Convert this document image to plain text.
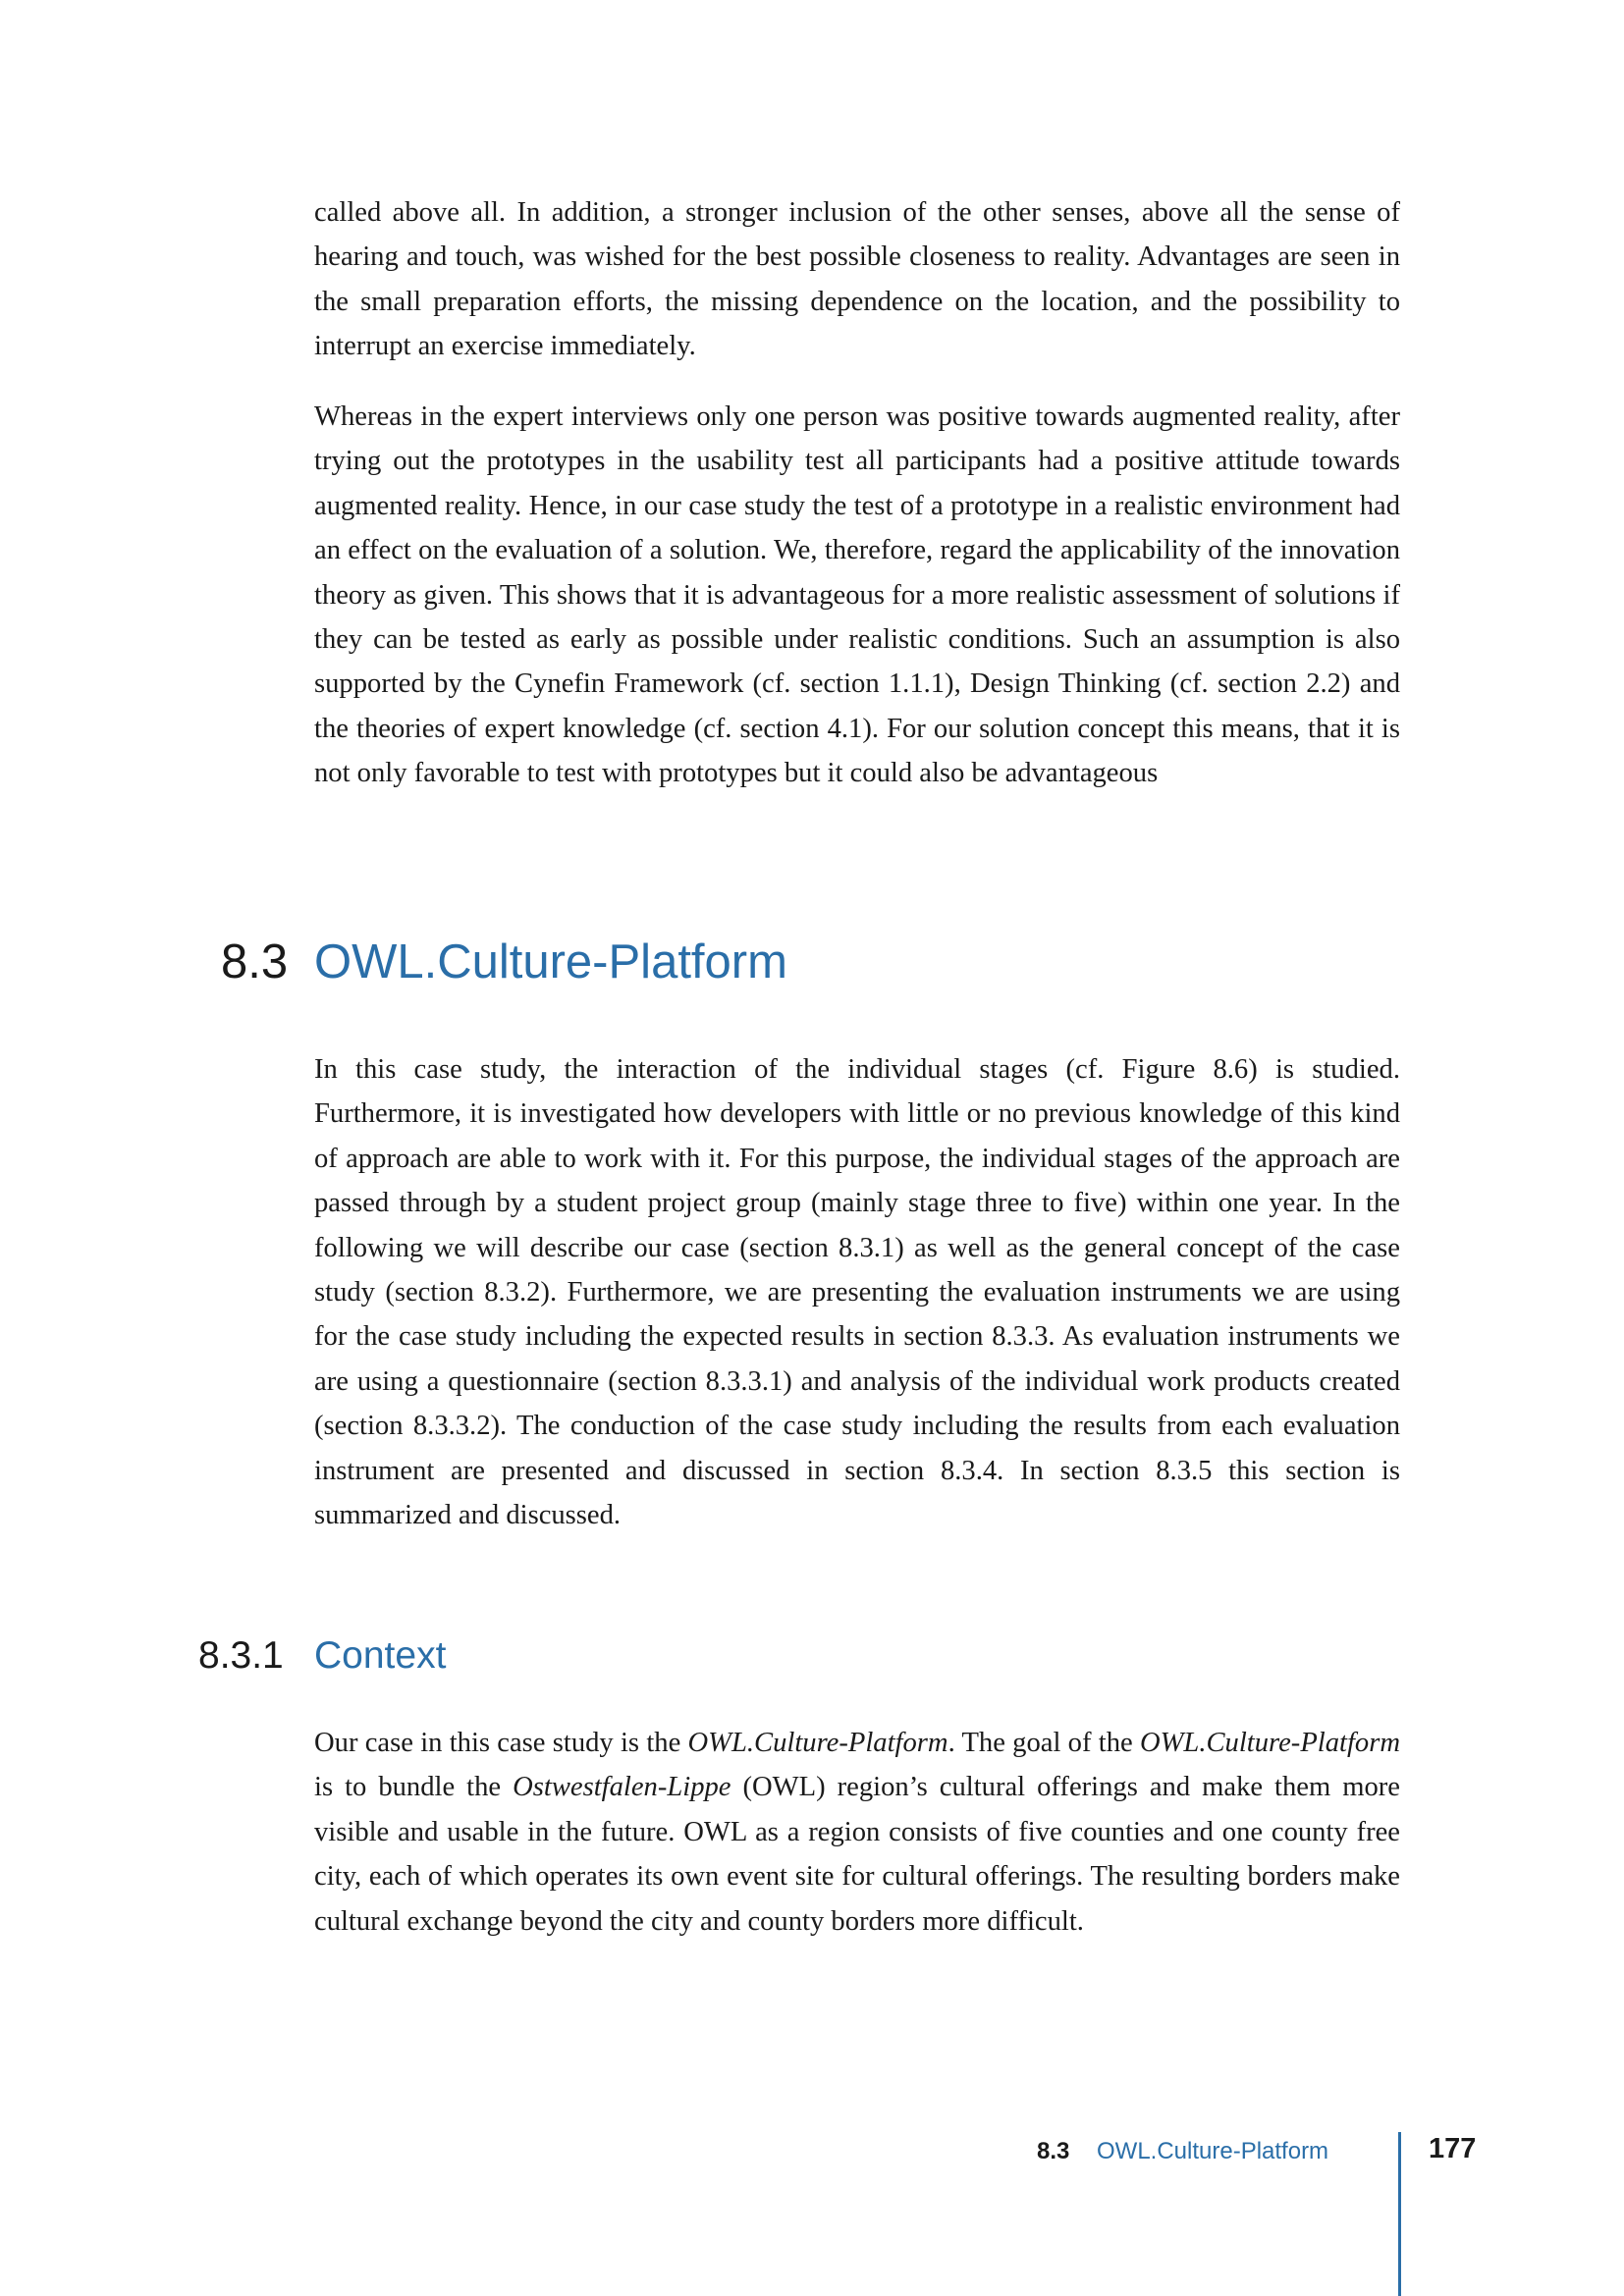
called above all. In addition, a stronger inclusion of the other senses, above all the sense of hearing and touch, was wished for the best possible closeness to reality. Advantages are seen in the small preparation efforts, the missing dependence on the location, and the possibility to interrupt an exercise immediately.

Whereas in the expert interviews only one person was positive towards augmented reality, after trying out the prototypes in the usability test all participants had a positive attitude towards augmented reality. Hence, in our case study the test of a prototype in a realistic environment had an effect on the evaluation of a solution. We, therefore, regard the applicability of the innovation theory as given. This shows that it is advantageous for a more realistic assessment of solutions if they can be tested as early as possible under realistic conditions. Such an assumption is also supported by the Cynefin Framework (cf. section 1.1.1), Design Thinking (cf. section 2.2) and the theories of expert knowledge (cf. section 4.1). For our solution concept this means, that it is not only favorable to test with prototypes but it could also be advantageous

8.3 OWL.Culture-Platform

In this case study, the interaction of the individual stages (cf. Figure 8.6) is studied. Furthermore, it is investigated how developers with little or no previous knowledge of this kind of approach are able to work with it. For this purpose, the individual stages of the approach are passed through by a student project group (mainly stage three to five) within one year. In the following we will describe our case (section 8.3.1) as well as the general concept of the case study (section 8.3.2). Furthermore, we are presenting the evaluation instruments we are using for the case study including the expected results in section 8.3.3. As evaluation instruments we are using a questionnaire (section 8.3.3.1) and analysis of the individual work products created (section 8.3.3.2). The conduction of the case study including the results from each evaluation instrument are presented and discussed in section 8.3.4. In section 8.3.5 this section is summarized and discussed.

8.3.1 Context

Our case in this case study is the OWL.Culture-Platform. The goal of the OWL.Culture-Platform is to bundle the Ostwestfalen-Lippe (OWL) region’s cultural offerings and make them more visible and usable in the future. OWL as a region consists of five counties and one county free city, each of which operates its own event site for cultural offerings. The resulting borders make cultural exchange beyond the city and county borders more difficult.

8.3 OWL.Culture-Platform	177
